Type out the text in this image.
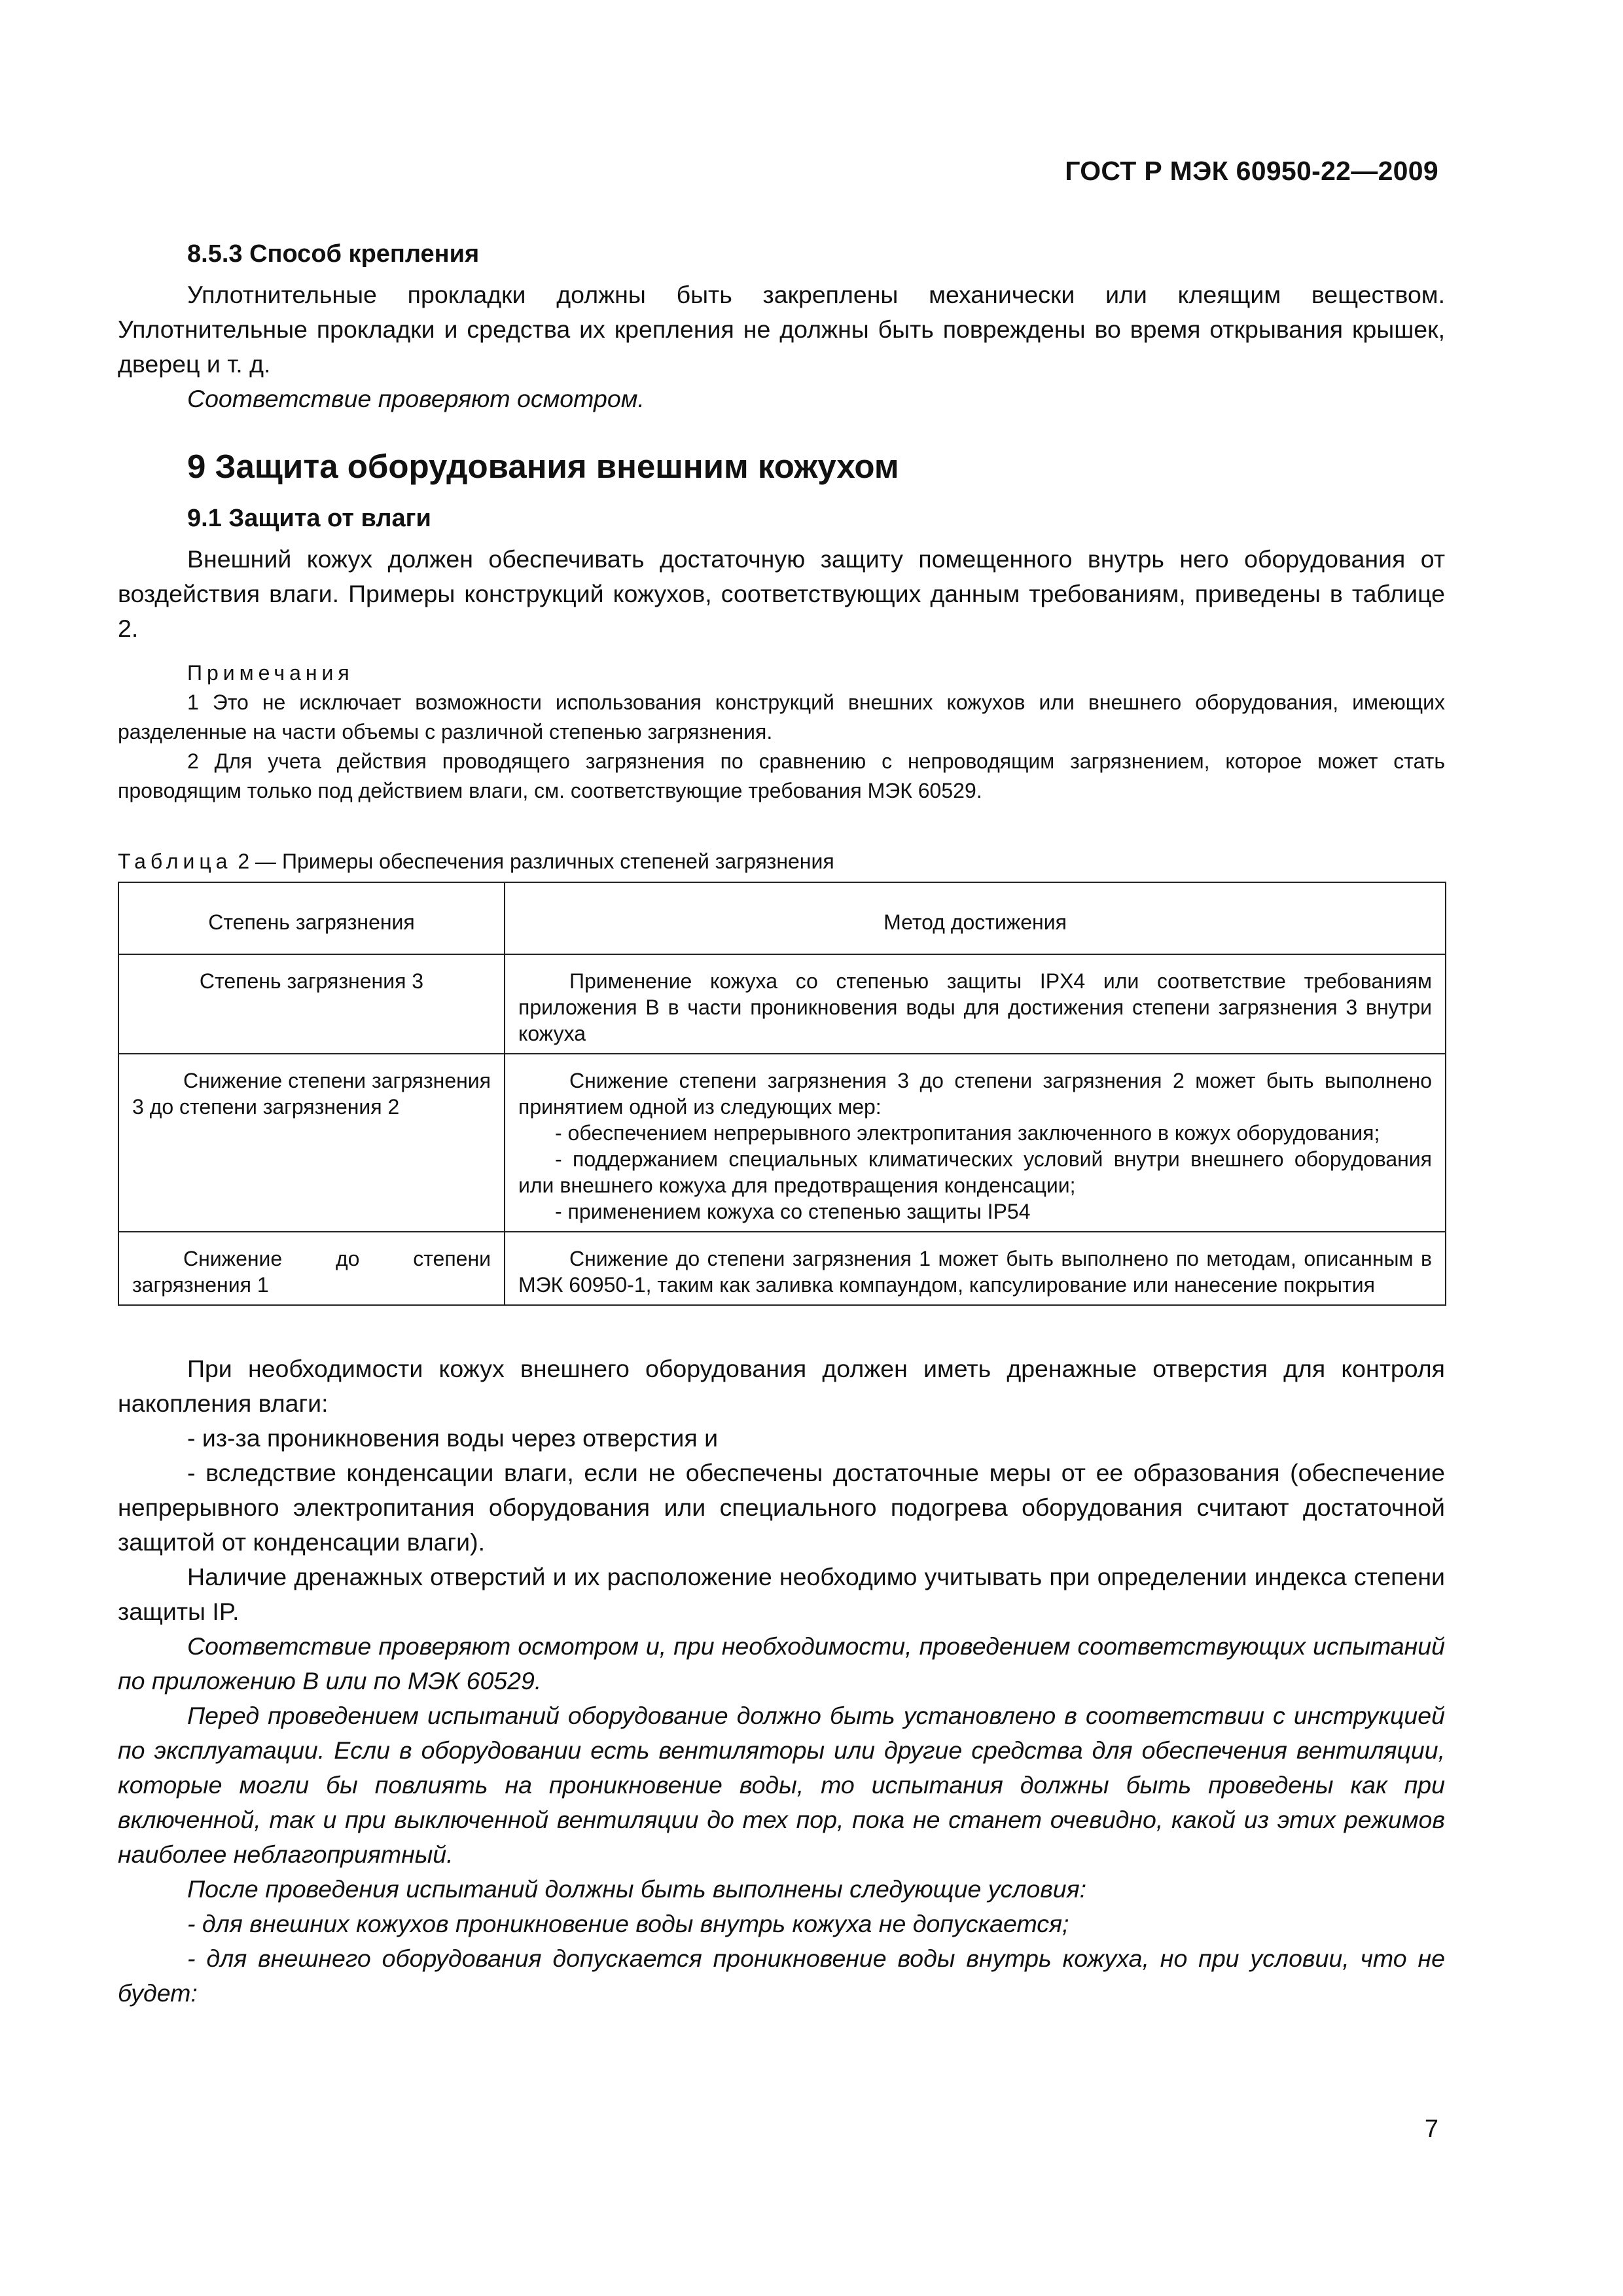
ГОСТ Р МЭК 60950-22—2009
8.5.3 Способ крепления

Уплотнительные прокладки должны быть закреплены механически или клеящим веществом. Уплотнительные прокладки и средства их крепления не должны быть повреждены во время открывания крышек, дверец и т. д.

Соответствие проверяют осмотром.

9 Защита оборудования внешним кожухом
9.1 Защита от влаги

Внешний кожух должен обеспечивать достаточную защиту помещенного внутрь него оборудования от воздействия влаги. Примеры конструкций кожухов, соответствующих данным требованиям, приведены в таблице 2.

Примечания

1 Это не исключает возможности использования конструкций внешних кожухов или внешнего оборудования, имеющих разделенные на части объемы с различной степенью загрязнения.

2 Для учета действия проводящего загрязнения по сравнению с непроводящим загрязнением, которое может стать проводящим только под действием влаги, см. соответствующие требования МЭК 60529.

Таблица 2 — Примеры обеспечения различных степеней загрязнения
Степень загрязнения	Метод достижения
Степень загрязнения 3	Применение кожуха со степенью защиты IPX4 или соответствие требованиям приложения В в части проникновения воды для достижения степени загрязнения 3 внутри кожуха
Снижение степени загрязнения 3 до степени загрязнения 2	Снижение степени загрязнения 3 до степени загрязнения 2 может быть выполнено принятием одной из следующих мер:
- обеспечением непрерывного электропитания заключенного в кожух оборудования;
- поддержанием специальных климатических условий внутри внешнего оборудования или внешнего кожуха для предотвращения конденсации;
- применением кожуха со степенью защиты IP54

Снижение до степени загрязнения 1	Снижение до степени загрязнения 1 может быть выполнено по методам, описанным в МЭК 60950-1, таким как заливка компаундом, капсулирование или нанесение покрытия

При необходимости кожух внешнего оборудования должен иметь дренажные отверстия для контроля накопления влаги:

- из-за проникновения воды через отверстия и

- вследствие конденсации влаги, если не обеспечены достаточные меры от ее образования (обеспечение непрерывного электропитания оборудования или специального подогрева оборудования считают достаточной защитой от конденсации влаги).

Наличие дренажных отверстий и их расположение необходимо учитывать при определении индекса степени защиты IP.

Соответствие проверяют осмотром и, при необходимости, проведением соответствующих испытаний по приложению В или по МЭК 60529.

Перед проведением испытаний оборудование должно быть установлено в соответствии с инструкцией по эксплуатации. Если в оборудовании есть вентиляторы или другие средства для обеспечения вентиляции, которые могли бы повлиять на проникновение воды, то испытания должны быть проведены как при включенной, так и при выключенной вентиляции до тех пор, пока не станет очевидно, какой из этих режимов наиболее неблагоприятный.

После проведения испытаний должны быть выполнены следующие условия:

- для внешних кожухов проникновение воды внутрь кожуха не допускается;

- для внешнего оборудования допускается проникновение воды внутрь кожуха, но при условии, что не будет:

7
